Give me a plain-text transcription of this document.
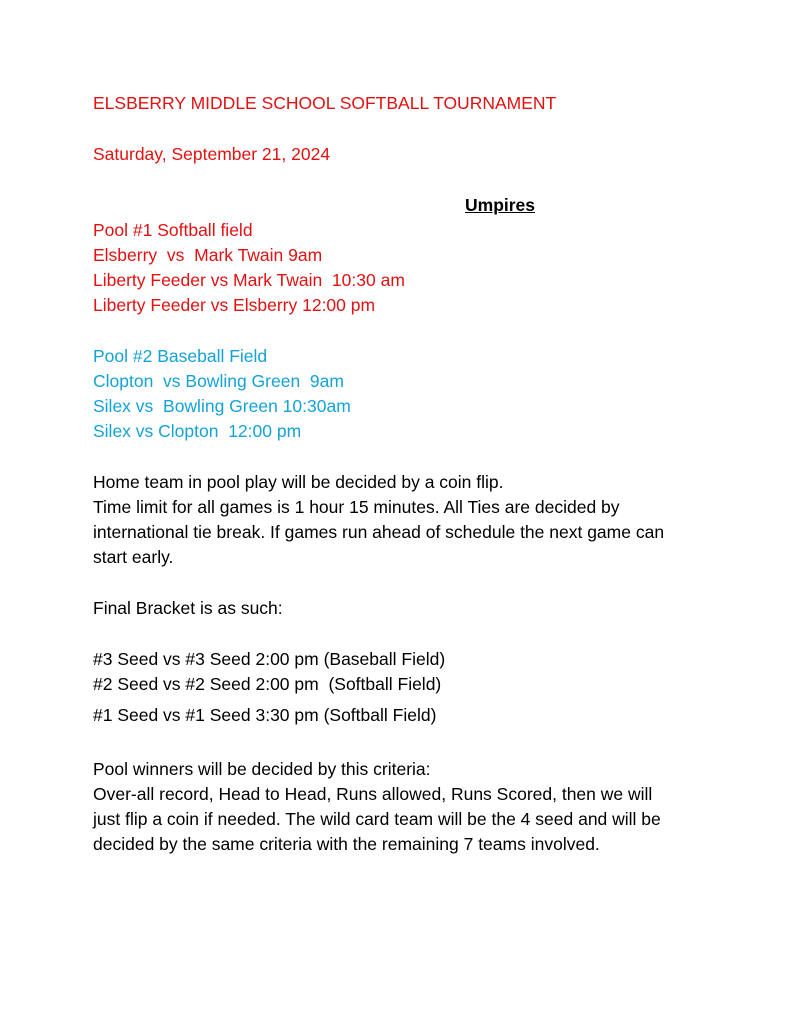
ELSBERRY MIDDLE SCHOOL SOFTBALL TOURNAMENT
Saturday, September 21, 2024
Umpires
Pool #1 Softball field
Elsberry  vs  Mark Twain 9am
Liberty Feeder vs Mark Twain  10:30 am
Liberty Feeder vs Elsberry 12:00 pm
Pool #2 Baseball Field
Clopton  vs Bowling Green  9am
Silex vs  Bowling Green 10:30am
Silex vs Clopton  12:00 pm
Home team in pool play will be decided by a coin flip.
Time limit for all games is 1 hour 15 minutes. All Ties are decided by
international tie break. If games run ahead of schedule the next game can
start early.
Final Bracket is as such:
#3 Seed vs #3 Seed 2:00 pm (Baseball Field)
#2 Seed vs #2 Seed 2:00 pm  (Softball Field)
#1 Seed vs #1 Seed 3:30 pm (Softball Field)
Pool winners will be decided by this criteria:
Over-all record, Head to Head, Runs allowed, Runs Scored, then we will
just flip a coin if needed. The wild card team will be the 4 seed and will be
decided by the same criteria with the remaining 7 teams involved.
